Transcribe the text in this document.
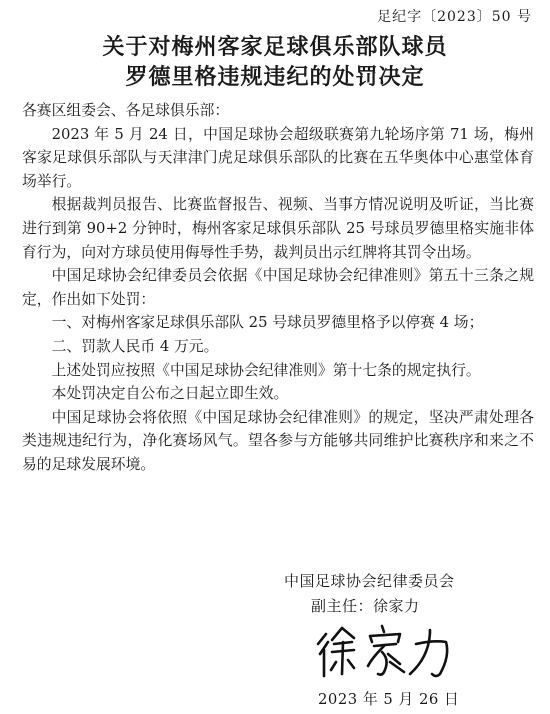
足纪字〔2023〕50 号
关于对梅州客家足球俱乐部队球员
罗德里格违规违纪的处罚决定

各赛区组委会、各足球俱乐部：

2023 年 5 月 24 日，中国足球协会超级联赛第九轮场序第 71 场，梅州客家足球俱乐部队与天津津门虎足球俱乐部队的比赛在五华奥体中心惠堂体育场举行。

根据裁判员报告、比赛监督报告、视频、当事方情况说明及听证，当比赛进行到第 90+2 分钟时，梅州客家足球俱乐部队 25 号球员罗德里格实施非体育行为，向对方球员使用侮辱性手势，裁判员出示红牌将其罚令出场。

中国足球协会纪律委员会依据《中国足球协会纪律准则》第五十三条之规定，作出如下处罚：

一、对梅州客家足球俱乐部队 25 号球员罗德里格予以停赛 4 场；

二、罚款人民币 4 万元。

上述处罚应按照《中国足球协会纪律准则》第十七条的规定执行。

本处罚决定自公布之日起立即生效。

中国足球协会将依照《中国足球协会纪律准则》的规定，坚决严肃处理各类违规违纪行为，净化赛场风气。望各参与方能够共同维护比赛秩序和来之不易的足球发展环境。

中国足球协会纪律委员会
副主任：徐家力
2023 年 5 月 26 日
